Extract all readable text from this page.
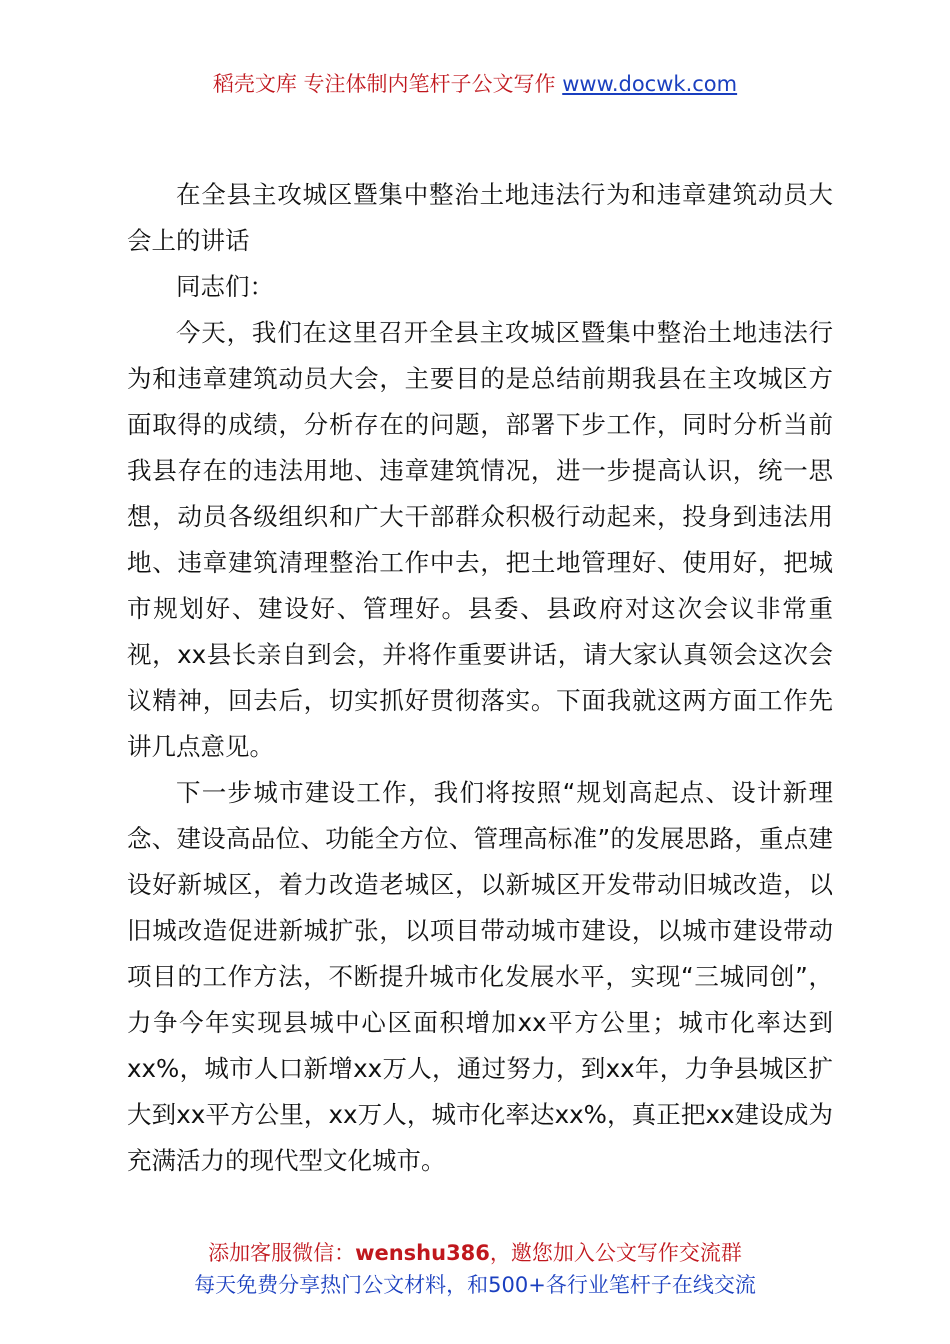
稻壳文库 专注体制内笔杆子公文写作 www.docwk.com

在全县主攻城区暨集中整治土地违法行为和违章建筑动员大会上的讲话

同志们：

今天，我们在这里召开全县主攻城区暨集中整治土地违法行为和违章建筑动员大会，主要目的是总结前期我县在主攻城区方面取得的成绩，分析存在的问题，部署下步工作，同时分析当前我县存在的违法用地、违章建筑情况，进一步提高认识，统一思想，动员各级组织和广大干部群众积极行动起来，投身到违法用地、违章建筑清理整治工作中去，把土地管理好、使用好，把城市规划好、建设好、管理好。县委、县政府对这次会议非常重视，xx县长亲自到会，并将作重要讲话，请大家认真领会这次会议精神，回去后，切实抓好贯彻落实。下面我就这两方面工作先讲几点意见。

下一步城市建设工作，我们将按照“规划高起点、设计新理念、建设高品位、功能全方位、管理高标准”的发展思路，重点建设好新城区，着力改造老城区，以新城区开发带动旧城改造，以旧城改造促进新城扩张，以项目带动城市建设，以城市建设带动项目的工作方法，不断提升城市化发展水平，实现“三城同创”，力争今年实现县城中心区面积增加xx平方公里；城市化率达到xx%，城市人口新增xx万人，通过努力，到xx年，力争县城区扩大到xx平方公里，xx万人，城市化率达xx%，真正把xx建设成为充满活力的现代型文化城市。

添加客服微信：wenshu386，邀您加入公文写作交流群
每天免费分享热门公文材料，和500+各行业笔杆子在线交流
